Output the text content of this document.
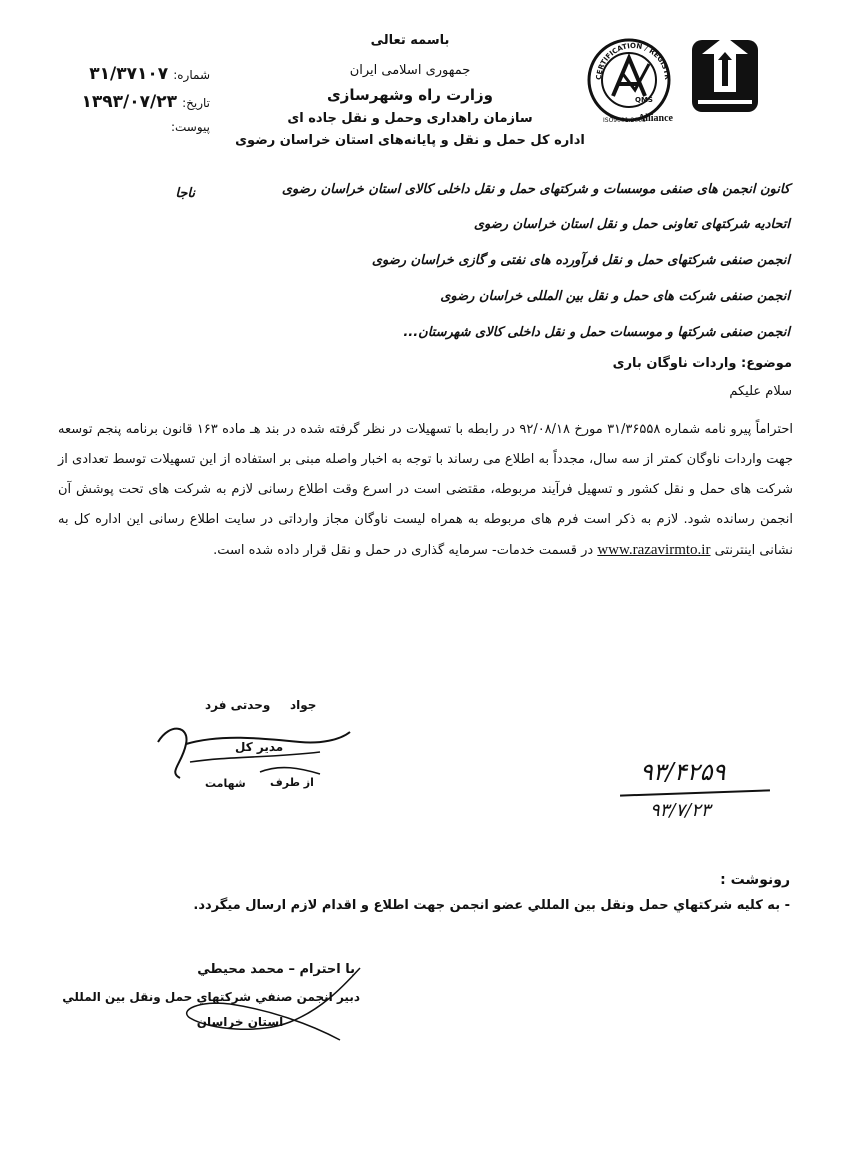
CERTIFICATION / REGISTR
QMS
ISO9001:2008
Alliance
باسمه تعالی
جمهوری اسلامی ایران
وزارت راه وشهرسازی
سازمان راهداری وحمل و نقل جاده ای
اداره کل حمل و نقل و پایانه‌های استان خراسان رضوی
شماره: ۳۱/۳۷۱۰۷
تاریخ: ۱۳۹۳/۰۷/۲۳
پیوست:
ناجا	کانون انجمن های صنفی موسسات و شرکتهای حمل و نقل داخلی کالای استان خراسان رضوی
اتحادیه شرکتهای تعاونی حمل و نقل استان خراسان رضوی
انجمن صنفی شرکتهای حمل و نقل فرآورده های نفتی و گازی خراسان رضوی
انجمن صنفی شرکت های حمل و نقل بین المللی خراسان رضوی
انجمن صنفی شرکتها و موسسات حمل و نقل داخلی کالای شهرستان...
موضوع: واردات ناوگان باری
سلام علیکم
احتراماً پیرو نامه شماره ۳۱/۳۶۵۵۸ مورخ ۹۲/۰۸/۱۸ در رابطه با تسهیلات در نظر گرفته شده در بند هـ ماده ۱۶۳ قانون برنامه پنجم توسعه جهت واردات ناوگان کمتر از سه سال، مجدداً به اطلاع می رساند با توجه به اخبار واصله مبنی بر استفاده از این تسهیلات توسط تعدادی از شرکت های حمل و نقل کشور و تسهیل فرآیند مربوطه، مقتضی است در اسرع وقت اطلاع رسانی لازم به شرکت های تحت پوشش آن انجمن رسانده شود. لازم به ذکر است فرم های مربوطه به همراه لیست ناوگان مجاز وارداتی در سایت اطلاع رسانی این اداره کل به نشانی اینترنتی www.razavirmto.ir در قسمت خدمات- سرمایه گذاری در حمل و نقل قرار داده شده است.
وحدتی فرد جواد
مدیر کل
از طرف
شهامت	۹۳/۴۲۵۹
۹۳/۷/۲۳
رونوشت :
- به کلیه شرکتهاي حمل ونقل بين المللي عضو انجمن جهت اطلاع و اقدام لازم ارسال ميگردد.
با احترام – محمد محيطي
دبير انجمن صنفي شرکتهاي حمل ونقل بين المللي
استان خراسان
